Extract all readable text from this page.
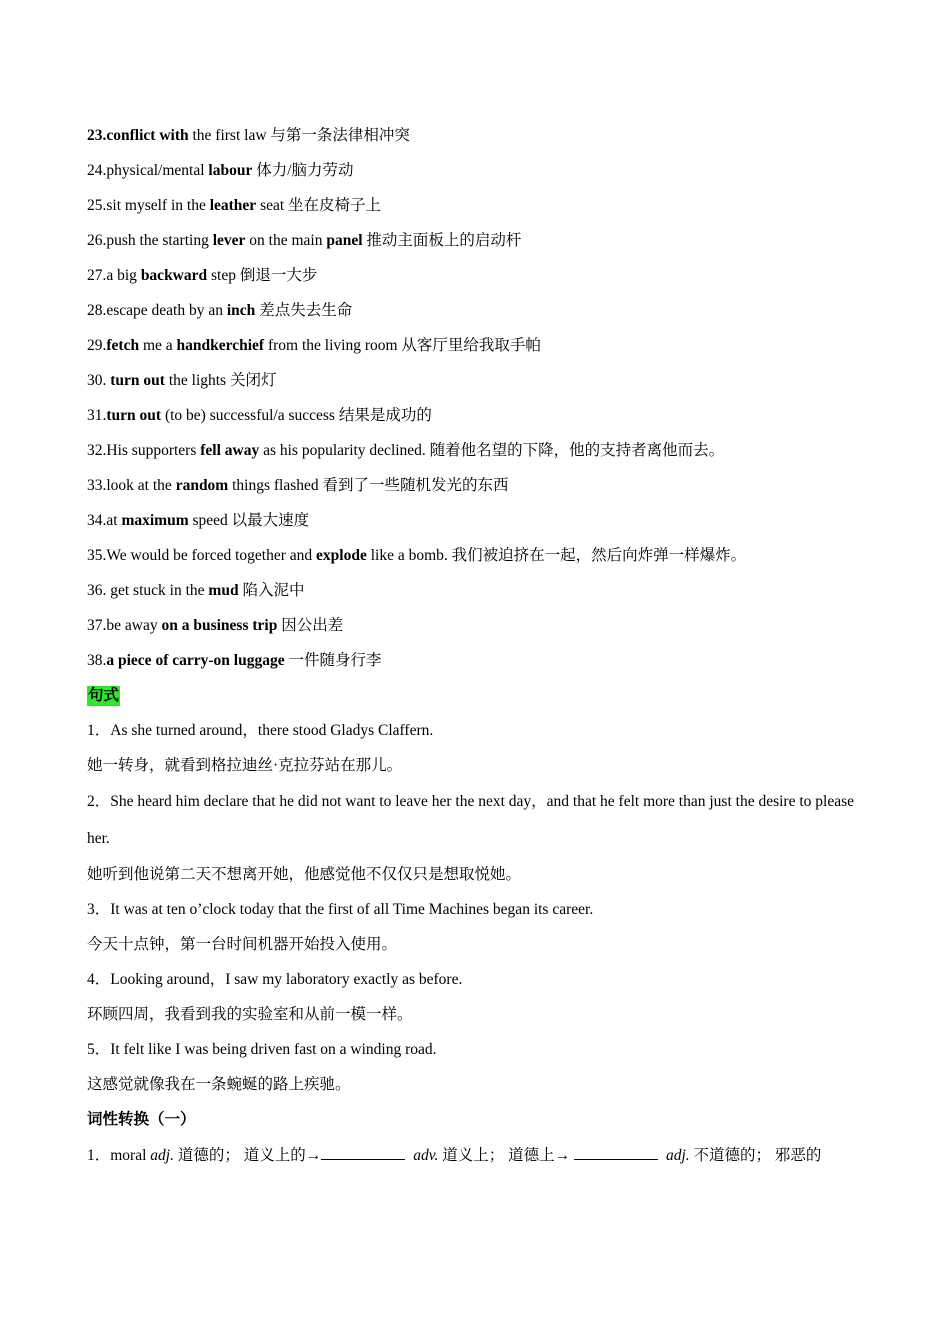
23.conflict with the first law 与第一条法律相冲突
24.physical/mental labour 体力/脑力劳动
25.sit myself in the leather seat 坐在皮椅子上
26.push the starting lever on the main panel 推动主面板上的启动杆
27.a big backward step 倒退一大步
28.escape death by an inch 差点失去生命
29.fetch me a handkerchief from the living room 从客厅里给我取手帕
30. turn out the lights 关闭灯
31.turn out (to be) successful/a success 结果是成功的
32.His supporters fell away as his popularity declined. 随着他名望的下降，他的支持者离他而去。
33.look at the random things flashed 看到了一些随机发光的东西
34.at maximum speed 以最大速度
35.We would be forced together and explode like a bomb. 我们被迫挤在一起，然后向炸弹一样爆炸。
36. get stuck in the mud 陷入泥中
37.be away on a business trip 因公出差
38.a piece of carry-on luggage 一件随身行李
句式
1．As she turned around，there stood Gladys Claffern.
她一转身，就看到格拉迪丝·克拉芬站在那儿。
2．She heard him declare that he did not want to leave her the next day，and that he felt more than just the desire to please her.
她听到他说第二天不想离开她，他感觉他不仅仅只是想取悦她。
3．It was at ten o’clock today that the first of all Time Machines began its career.
今天十点钟，第一台时间机器开始投入使用。
4．Looking around，I saw my laboratory exactly as before.
环顾四周，我看到我的实验室和从前一模一样。
5．It felt like I was being driven fast on a winding road.
这感觉就像我在一条蜿蜒的路上疾驰。
词性转换（一）
1．moral adj. 道德的； 道义上的→	adv. 道义上； 道德上→	adj. 不道德的； 邪恶的
